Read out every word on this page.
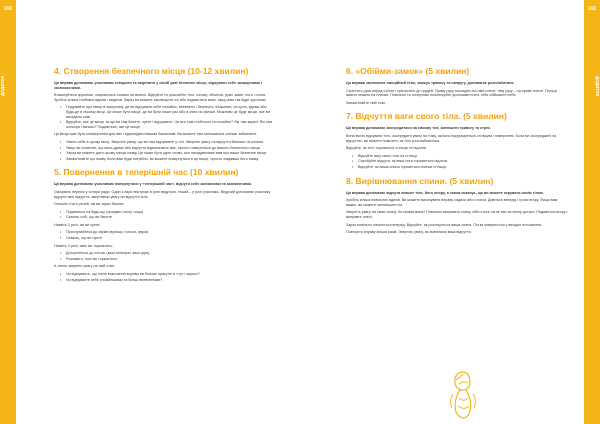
160	161
додаток	додаток
4. Створення безпечного місця (10-12 хвилин)

Ця вправа допомагає учасникам створити та закріпити у своїй уяві безпечне місце, відчувати себе захищеними і заспокоєними.

Влаштуйтеся зручніше, спираючись ногами на землю. Відчуйте та розслабте тіло, голову, обличчя, руки, живіт, ноги і стопи. Зробіть кілька глибоких вдихів і видихів. Зараз ви можете заплющити очі або подивитися вниз, якщо вам так буде зручніше.

• Подумайте про місце в минулому, де ви відчували себе спокійно, впевнено і безпечно. Можливо, на кухні, вдома або будь-де в іншому місці. Це може бути місце, де ви були лише раз або в книзі чи фільмі. Можливо це буде місце, яке ви вигадали самі.
• Відчуйте, яке це місце та що ви там бачите, чуєте і відчуваєте. Чи все там стабільно та спокійно? Які там звуки? Які там кольори і запахи? Подивіться, яке це місце.

Ця місце має бути комфортним для вас і відповідати вашим бажанням. Ви можете там залишатися скільки забажаєте.

• Уявіть себе в цьому місці. Зверніть увагу, що ви там відчуваєте у тілі. Зверніть увагу на відчуття безпеки та спокою.
• Якщо ви помітите, що якісь думки або відчуття відволікають вас, просто поверніться до вашого безпечного місця.
• Зараз ви можете дати цьому місцю назву. Це може бути одне слово, яке нагадуватиме вам про ваше безпечне місце.
• Запам'ятайте цю назву. Коли вам буде потрібно, ви можете повернутися в це місце, просто згадавши його назву.
5. Повернення в теперішній час (10 хвилин)

Ця вправа допомагає учасникам повернутися у «теперішній час», відчути себе залізаними та заземленими.

Оформіть перелік у чотири ряди. Один з пари виступає в ролі ведучого, інший – у ролі учасника. Ведучий допомагає учаснику відчути свої відчуття, звертаючи увагу на відчуття тіла.

Опишіть п'ять речей, які ви зараз бачите:

• Подивіться на будь-що (предмет, колір тощо).
• Скажіть собі, що ви бачите.

Назвіть 3 речі, які ви чуєте:

• Прислухайтеся до звуків (вулиця, голоси, звуки).
• Скажіть, що ви чуєте.

Назвіть 3 речі, яких ви торкаєтесь:

• Доторкніться до чогось (ваш телефон, ваш одяг).
• Розкажіть, чого ви торкаєтесь.

А тепер зверніть увагу на свій стан:

• Чи відчуваєте, що після виконання вправи ви більше присутні в «тут і зараз»?
• Чи відчуваєте себе спокійнішими та більш впевненими?
6. «Обійми-замок» (5 хвилин)

Ця вправа заспокоює емоційний стан, знижує тривогу та напругу, допомагає розслабитися.

Схрестіть руки перед собою і притисніть до грудей. Праву руку покладіть на ліве плече, ліву руку – на праве плече. Пальці мають лежати на плечах. Повільно та почергово поплескуйте долонями плечі, ніби обіймаєте себе.

Запам'ятайте свій стан.

7. Відчуття ваги свого тіла. (5 хвилин)

Ця вправа допомагає зосередитися на своєму тілі, зменшити тривогу та стрес.

Вона вчить відчувати тіло, зосередити увагу на тому, як воно підтримується стільцем і поверхнею. Коли ви зосереджені на відчуттях, ви можете помітити, як тіло розслабляється.

Відчуйте, як тіло торкається стільця та підлоги.

• Відчуйте вагу свого тіла на стільці.
• Спробуйте відчути, як ваші ноги торкаються підлоги.
• Відчуйте, як ваша спина торкається спинки стільця.
8. Вирівнювання спини. (5 хвилин)

Ця вправа допомагає відчути власне тіло, його опору, а також показує, що ви можете керувати своїм тілом.

Зробіть кілька повільних вдихів. Ви можете виконувати вправу сидячи або стоячи. Дивіться вперед і трохи вгору. Якщо вам важко, ви можете заплющити очі.

Зверніть увагу на свою спину. Чи пряма вона? Повільно випряміть спину, ніби хтось тягне вас за нитку догори. Подивіться вгору і виправте плечі.

Зараз повільно нахиліться вперед. Відчуйте, як розтягується ваша спина. Потім поверніться у вихідне положення.

Повторіть вправу кілька разів. Зверніть увагу, як змінилися ваші відчуття.
